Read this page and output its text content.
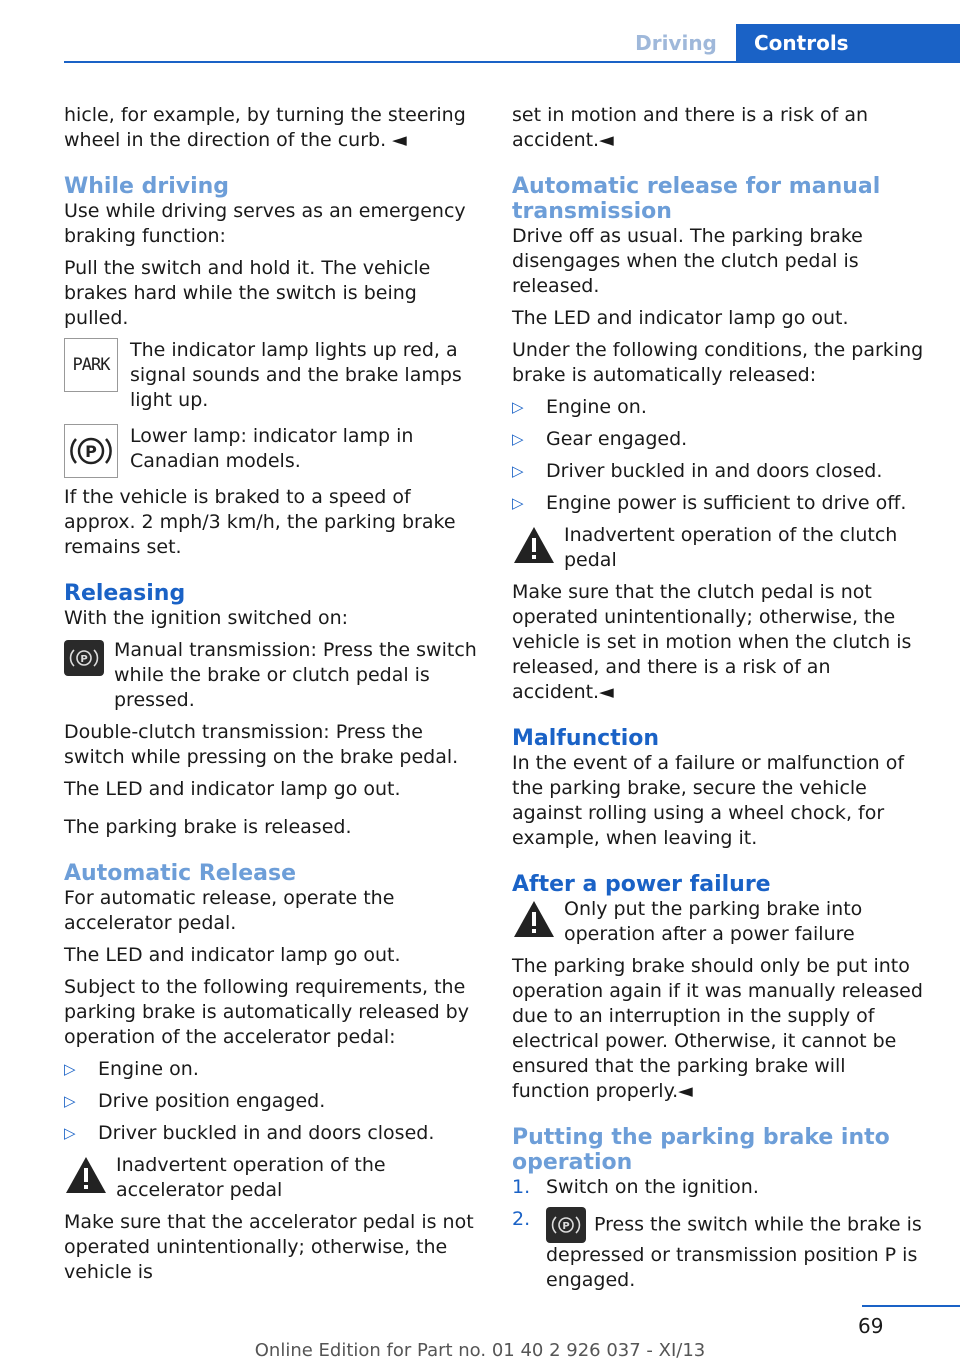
Driving	Controls

hicle, for example, by turning the steering wheel in the direction of the curb. ◄

While driving

Use while driving serves as an emergency braking function:

Pull the switch and hold it. The vehicle brakes hard while the switch is being pulled.

PARK

The indicator lamp lights up red, a signal sounds and the brake lamps light up.

P

Lower lamp: indicator lamp in Canadian models.

If the vehicle is braked to a speed of approx. 2 mph/3 km/h, the parking brake remains set.

Releasing

With the ignition switched on:

P Manual transmission: Press the switch while the brake or clutch pedal is pressed.

Double-clutch transmission: Press the switch while pressing on the brake pedal.

The LED and indicator lamp go out.

The parking brake is released.

Automatic Release

For automatic release, operate the accelerator pedal.

The LED and indicator lamp go out.

Subject to the following requirements, the parking brake is automatically released by operation of the accelerator pedal:

▷	Engine on.
▷	Drive position engaged.
▷	Driver buckled in and doors closed.

Inadvertent operation of the accelerator pedal

Make sure that the accelerator pedal is not operated unintentionally; otherwise, the vehicle is

set in motion and there is a risk of an accident.◄

Automatic release for manual transmission

Drive off as usual. The parking brake disengages when the clutch pedal is released.

The LED and indicator lamp go out.

Under the following conditions, the parking brake is automatically released:

▷	Engine on.
▷	Gear engaged.
▷	Driver buckled in and doors closed.
▷	Engine power is sufficient to drive off.

Inadvertent operation of the clutch pedal

Make sure that the clutch pedal is not operated unintentionally; otherwise, the vehicle is set in motion when the clutch is released, and there is a risk of an accident.◄

Malfunction

In the event of a failure or malfunction of the parking brake, secure the vehicle against rolling using a wheel chock, for example, when leaving it.

After a power failure

Only put the parking brake into operation after a power failure

The parking brake should only be put into operation again if it was manually released due to an interruption in the supply of electrical power. Otherwise, it cannot be ensured that the parking brake will function properly.◄

Putting the parking brake into operation
1. Switch on the ignition.
2.	P Press the switch while the brake is depressed or transmission position P is engaged.
69
Online Edition for Part no. 01 40 2 926 037 - XI/13
